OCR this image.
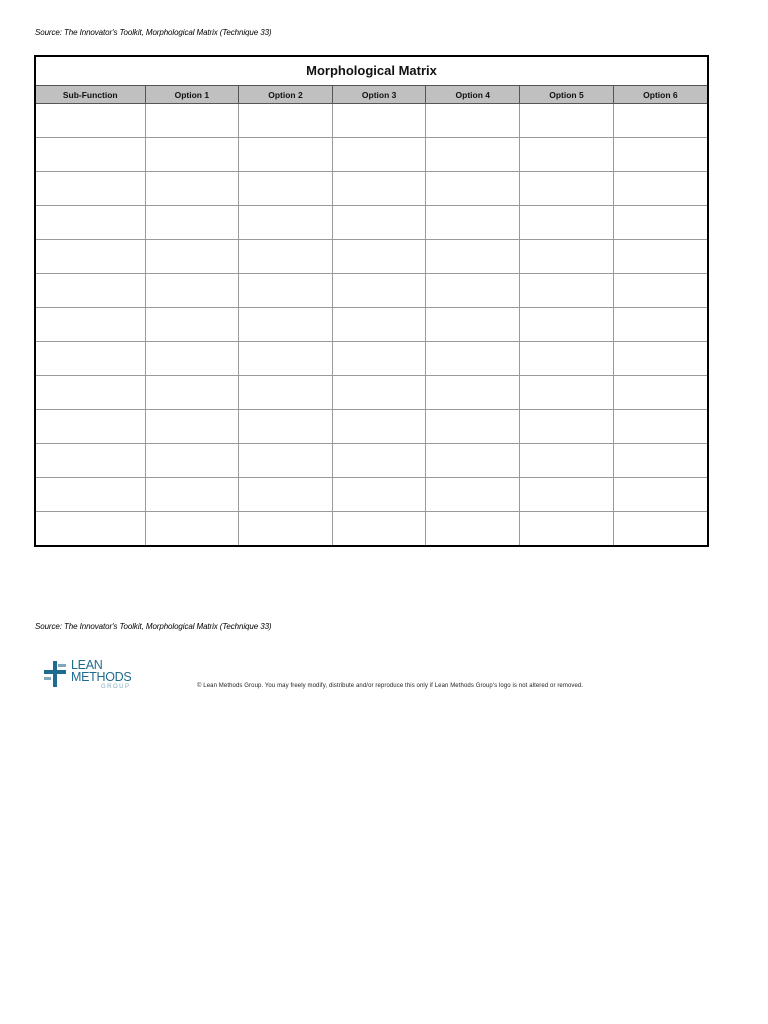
Source: The Innovator's Toolkit, Morphological Matrix (Technique 33)
Morphological Matrix
Sub-Function	Option 1	Option 2	Option 3	Option 4	Option 5	Option 6

Source: The Innovator's Toolkit, Morphological Matrix (Technique 33)
LEAN
METHODS
GROUP	© Lean Methods Group. You may freely modify, distribute and/or reproduce this only if Lean Methods Group's logo is not altered or removed.
